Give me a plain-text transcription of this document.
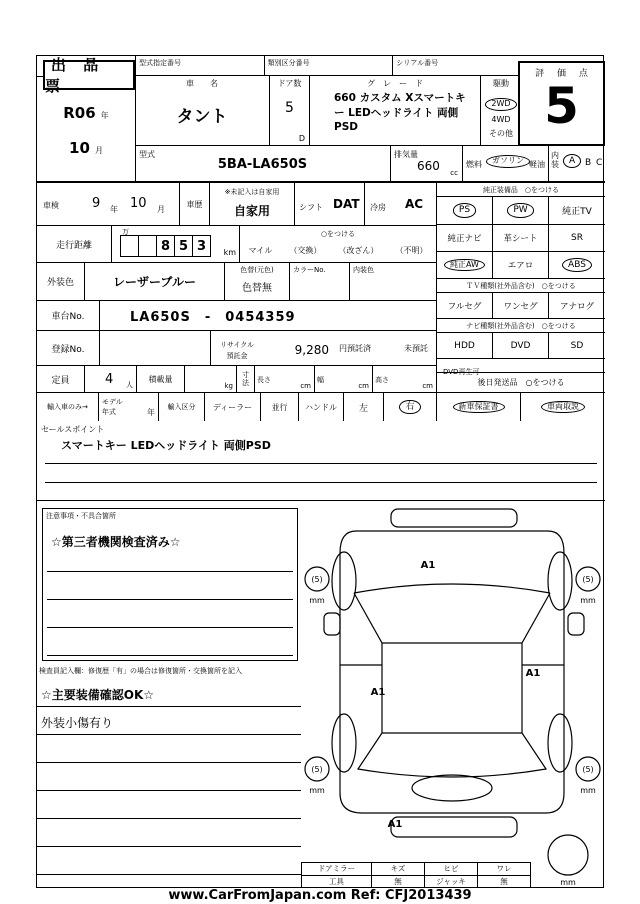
出 品 票
型式指定番号	類別区分番号	シリアル番号
R06 年
10 月
車　　名
タント
ドア数
5
D
グ　レ　ー　ド
660 カスタム Xスマートキー LEDヘッドライト 両側PSD
駆動
2WD
4WD
その他
型式
5BA-LA650S
排気量
660 cc
燃料	ガソリン 軽油
内装	A	B C
評 価 点
5
車検	9 年 10 月
車歴
※未記入は自家用
自家用	シフト DAT 冷房 AC
走行距離
万
8 5 3	km
○をつける
マイル （交換） （改ざん） （不明）
外装色	レーザーブルー
色替(元色)
色替無
カラーNo.	内装色
車台No.	LA650S　-　0454359
登録No.	リサイクル
預託金	9,280 円預託済	未預託
定員	4 人
積載量
kg
寸法	長さ
cm
幅
cm
高さ
cm
輸入車のみ→
モデル
年式	年
輸入区分	ディーラー	並行	ハンドル	左	右
純正装備品　○をつける
PS	PW	純正TV
純正ナビ	革シート	SR
純正AW	エアロ	ABS
ＴＶ種類(社外品含む)　○をつける
フルセグ	ワンセグ	アナログ
ナビ種類(社外品含む)　○をつける
HDD	DVD	SD
DVD再生可
後日発送品　○をつける
新車保証書	車両取説
セールスポイント
スマートキー LEDヘッドライト 両側PSD
注意事項・不具合箇所
☆第三者機関検査済み☆
検査員記入欄：修復歴「有」の場合は修復箇所・交換箇所を記入
☆主要装備確認OK☆
外装小傷有り
A1
A1
A1
A1
(5)	(5)
(5)	(5)
mm	mm
mm	mm
mm
ドアミラー	キズ	ヒビ	ワレ
工具	無	ジャッキ	無
www.CarFromJapan.com Ref: CFJ2013439
